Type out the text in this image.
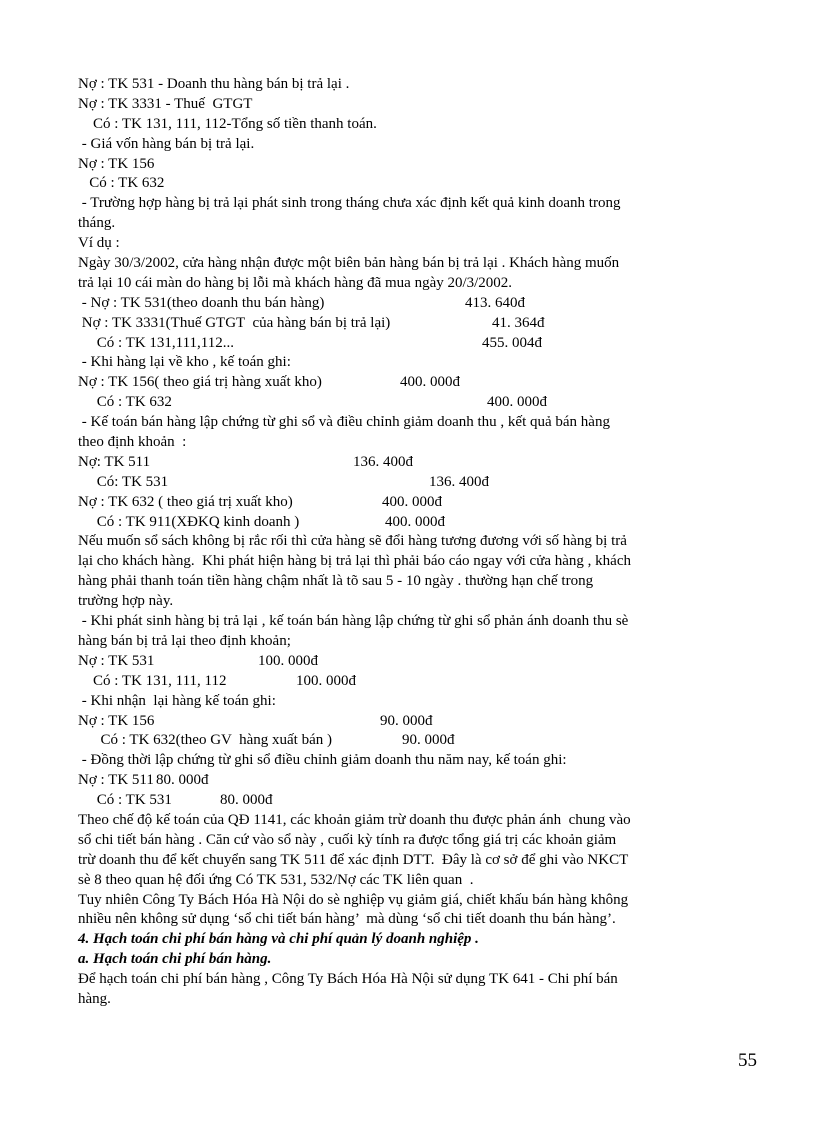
Nợ : TK 531 - Doanh thu hàng bán bị trả lại .
Nợ : TK 3331 - Thuế  GTGT
Có : TK 131, 111, 112-Tổng số tiền thanh toán.
- Giá vốn hàng bán bị trả lại.
Nợ : TK 156
Có : TK 632
- Trường hợp hàng bị trả lại phát sinh trong tháng chưa xác định kết quả kinh doanh trong
tháng.
Ví dụ :
Ngày 30/3/2002, cửa hàng nhận được một biên bản hàng bán bị trả lại . Khách hàng muốn
trả lại 10 cái màn do hàng bị lỗi mà khách hàng đã mua ngày 20/3/2002.
- Nợ : TK 531(theo doanh thu bán hàng)	413. 640đ
Nợ : TK 3331(Thuế GTGT  của hàng bán bị trả lại)	41. 364đ
Có : TK 131,111,112...	455. 004đ
- Khi hàng lại về kho , kế toán ghi:
Nợ : TK 156( theo giá trị hàng xuất kho)	400. 000đ
Có : TK 632	400. 000đ
- Kế toán bán hàng lập chứng từ ghi sổ và điều chỉnh giảm doanh thu , kết quả bán hàng
theo định khoản  :
Nợ: TK 511	136. 400đ
Có: TK 531	136. 400đ
Nợ : TK 632 ( theo giá trị xuất kho)	400. 000đ
Có : TK 911(XĐKQ kinh doanh )	400. 000đ
Nếu muốn sổ sách không bị rắc rối thì cửa hàng sẽ đổi hàng tương đương với số hàng bị trả
lại cho khách hàng.  Khi phát hiện hàng bị trả lại thì phải báo cáo ngay với cửa hàng , khách
hàng phải thanh toán tiền hàng chậm nhất là tõ sau 5 - 10 ngày . thường hạn chế trong
trường hợp này.
- Khi phát sinh hàng bị trả lại , kế toán bán hàng lập chứng từ ghi sổ phản ánh doanh thu sè
hàng bán bị trả lại theo định khoản;
Nợ : TK 531	100. 000đ
Có : TK 131, 111, 112	100. 000đ
- Khi nhận  lại hàng kế toán ghi:
Nợ : TK 156	90. 000đ
Có : TK 632(theo GV  hàng xuất bán )	90. 000đ
- Đồng thời lập chứng từ ghi sổ điều chỉnh giảm doanh thu năm nay, kế toán ghi:
Nợ : TK 511 80. 000đ
Có : TK 531	80. 000đ
Theo chế độ kế toán của QĐ 1141, các khoản giảm trừ doanh thu được phản ánh  chung vào
sổ chi tiết bán hàng . Căn cứ vào sổ này , cuối kỳ tính ra được tổng giá trị các khoản giảm
trừ doanh thu để kết chuyển sang TK 511 để xác định DTT.  Đây là cơ sở để ghi vào NKCT
sè 8 theo quan hệ đối ứng Có TK 531, 532/Nợ các TK liên quan  .
Tuy nhiên Công Ty Bách Hóa Hà Nội do sè nghiệp vụ giảm giá, chiết khấu bán hàng không
nhiều nên không sử dụng ‘sổ chi tiết bán hàng’  mà dùng ‘sổ chi tiết doanh thu bán hàng’.
4. Hạch toán chi phí bán hàng và chi phí quản lý doanh nghiệp .
a. Hạch toán chi phí bán hàng.
Để hạch toán chi phí bán hàng , Công Ty Bách Hóa Hà Nội sử dụng TK 641 - Chi phí bán
hàng.
55
